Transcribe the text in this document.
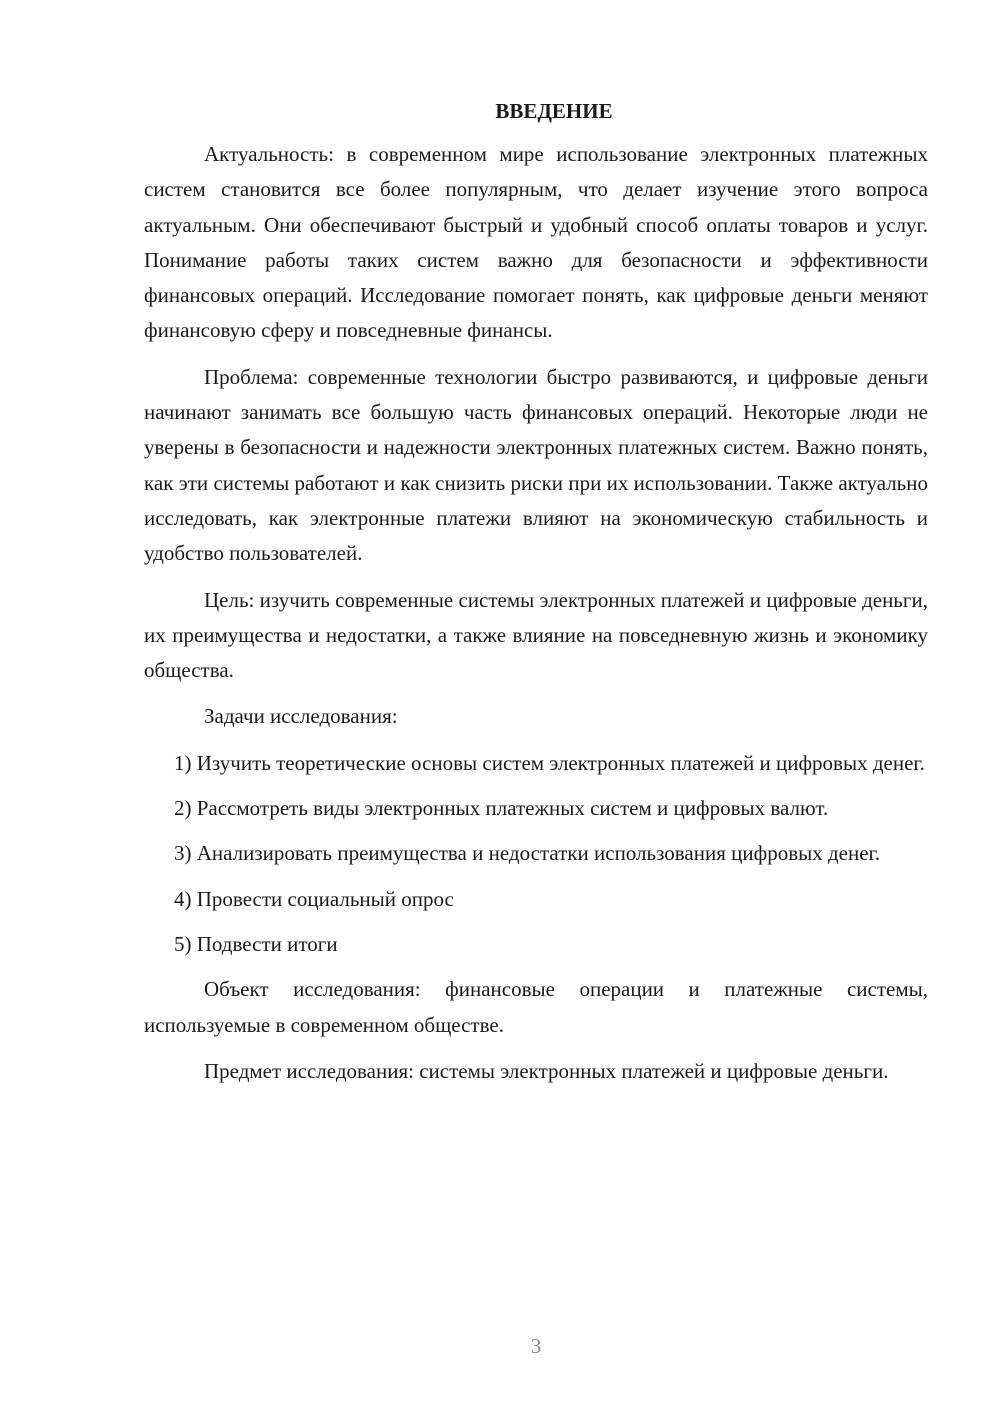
ВВЕДЕНИЕ

Актуальность: в современном мире использование электронных платежных систем становится все более популярным, что делает изучение этого вопроса актуальным. Они обеспечивают быстрый и удобный способ оплаты товаров и услуг. Понимание работы таких систем важно для безопасности и эффективности финансовых операций. Исследование помогает понять, как цифровые деньги меняют финансовую сферу и повседневные финансы.

Проблема: современные технологии быстро развиваются, и цифровые деньги начинают занимать все большую часть финансовых операций. Некоторые люди не уверены в безопасности и надежности электронных платежных систем. Важно понять, как эти системы работают и как снизить риски при их использовании. Также актуально исследовать, как электронные платежи влияют на экономическую стабильность и удобство пользователей.

Цель: изучить современные системы электронных платежей и цифровые деньги, их преимущества и недостатки, а также влияние на повседневную жизнь и экономику общества.

Задачи исследования:

1) Изучить теоретические основы систем электронных платежей и цифровых денег.

2) Рассмотреть виды электронных платежных систем и цифровых валют.

3) Анализировать преимущества и недостатки использования цифровых денег.

4) Провести социальный опрос

5) Подвести итоги

Объект исследования: финансовые операции и платежные системы, используемые в современном обществе.

Предмет исследования: системы электронных платежей и цифровые деньги.

3
